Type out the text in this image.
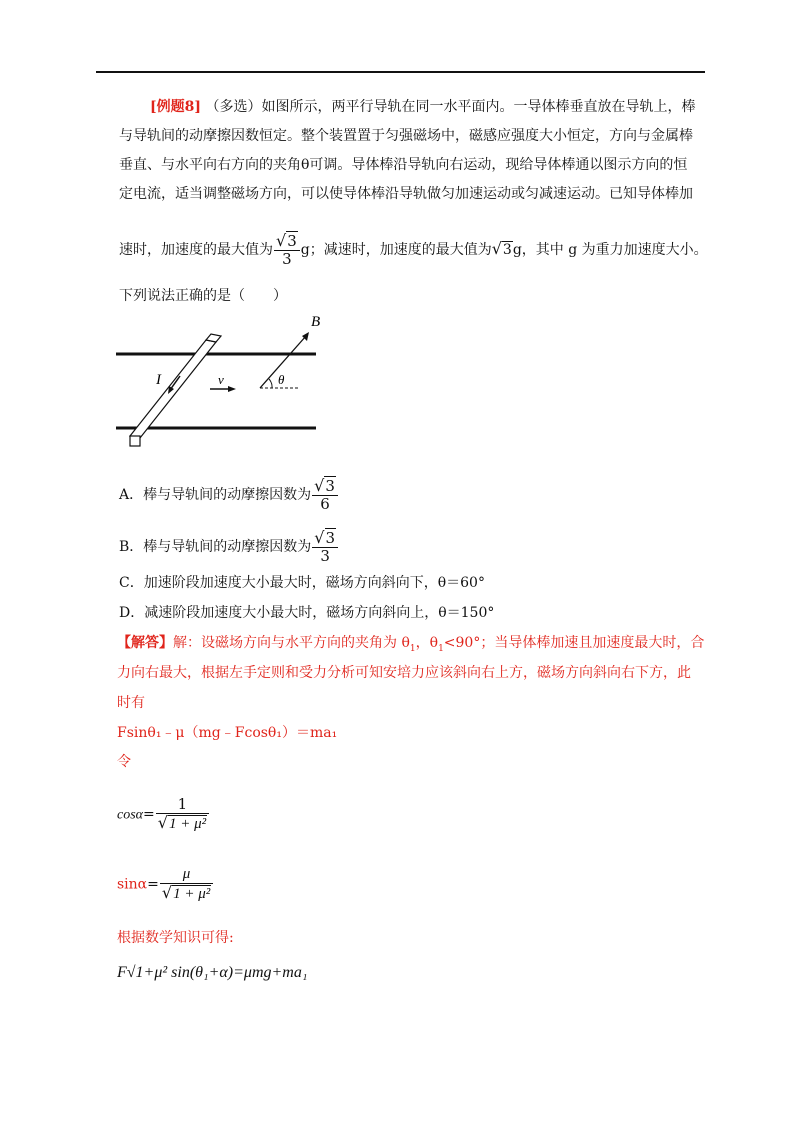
[例题8] （多选）如图所示，两平行导轨在同一水平面内。一导体棒垂直放在导轨上，棒
与导轨间的动摩擦因数恒定。整个装置置于匀强磁场中，磁感应强度大小恒定，方向与金属棒
垂直、与水平向右方向的夹角θ可调。导体棒沿导轨向右运动，现给导体棒通以图示方向的恒
定电流，适当调整磁场方向，可以使导体棒沿导轨做匀加速运动或匀减速运动。已知导体棒加
速时，加速度的最大值为 $\frac{√3}{3}$ g；减速时，加速度的最大值为√3g，其中 g 为重力加速度大小。
下列说法正确的是（　　）
I	v
B
θ
A．棒与导轨间的动摩擦因数为 $\frac{√3}{6}$
B．棒与导轨间的动摩擦因数为 $\frac{√3}{3}$
C．加速阶段加速度大小最大时，磁场方向斜向下，θ＝60°
D．减速阶段加速度大小最大时，磁场方向斜向上，θ＝150°
【解答】解：设磁场方向与水平方向的夹角为 $\theta_1$，$\theta_1<90^\circ$；当导体棒加速且加速度最大时，合
力向右最大，根据左手定则和受力分析可知安培力应该斜向右上方，磁场方向斜向右下方，此
时有
Fsinθ₁﹣μ（mg﹣Fcosθ₁）＝ma₁
令
$\cos\alpha= \frac{1}{\text{√1 + μ²}}$
$\sin\alpha= \frac{\mu}{\text{√1 + μ²}}$
根据数学知识可得:
F√1+μ² sin(θ₁+α)=μmg+ma₁
